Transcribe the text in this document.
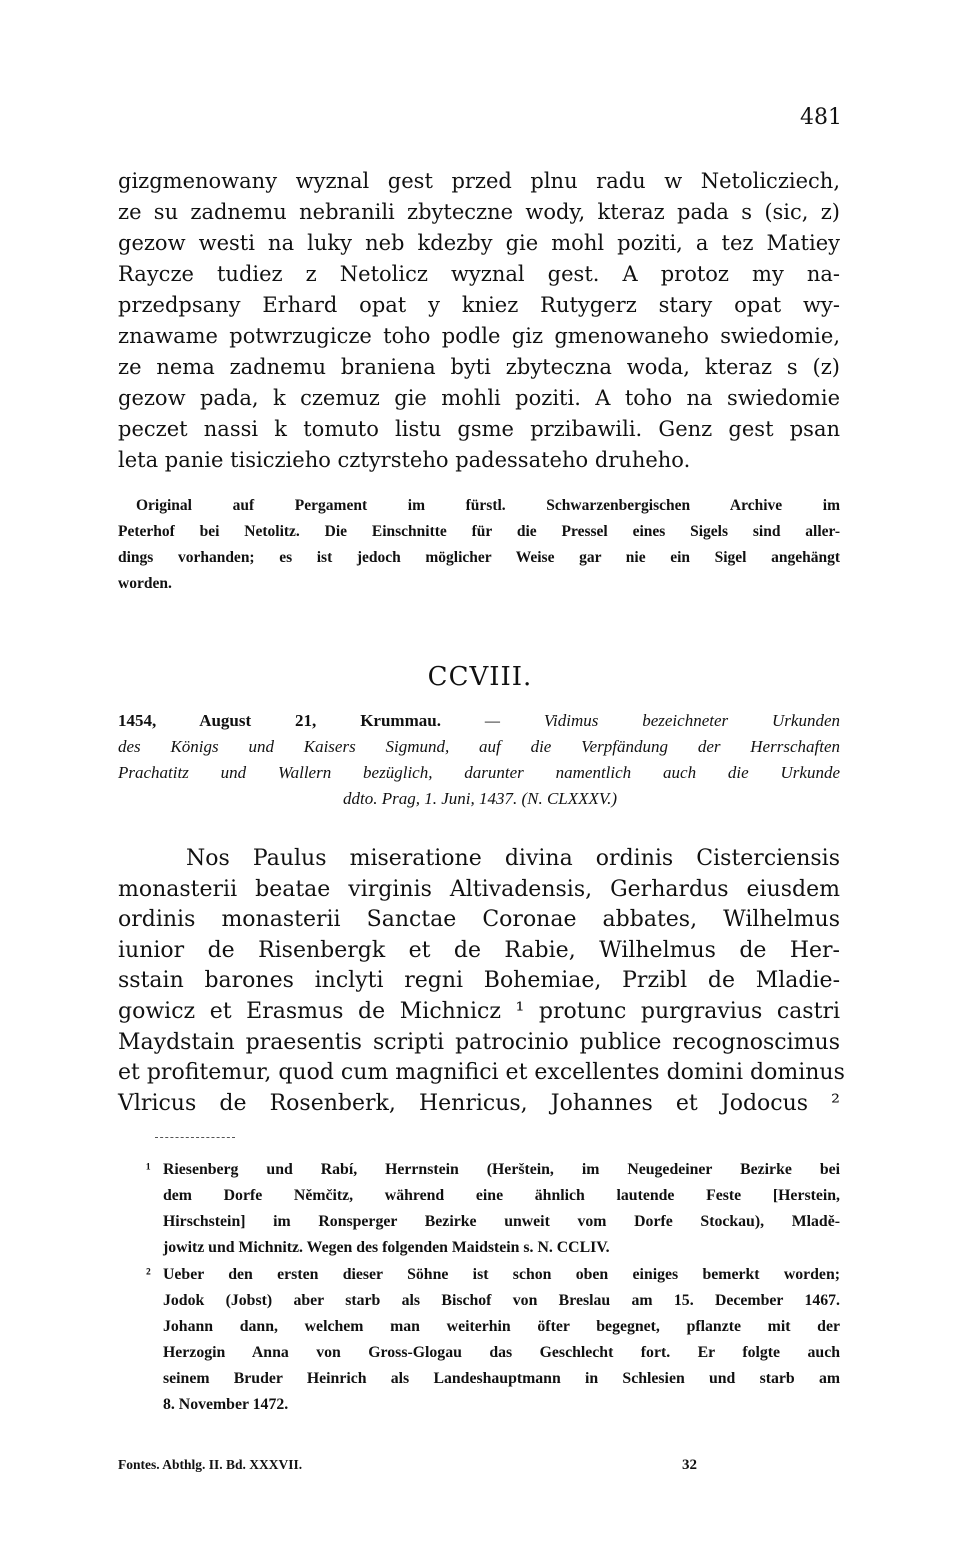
481

gizgmenowany wyznal gest przed plnu radu w Netolicziech,

ze su zadnemu nebranili zbyteczne wody, kteraz pada s (sic, z)

gezow westi na luky neb kdezby gie mohl poziti, a tez Matiey

Raycze tudiez z Netolicz wyznal gest. A protoz my na-

przedpsany Erhard opat y kniez Rutygerz stary opat wy-

znawame potwrzugicze toho podle giz gmenowaneho swiedomie,

ze nema zadnemu braniena byti zbyteczna woda, kteraz s (z)

gezow pada, k czemuz gie mohli poziti. A toho na swiedomie

peczet nassi k tomuto listu gsme przibawili. Genz gest psan

leta panie tisiczieho cztyrsteho padessateho druheho.

Original auf Pergament im fürstl. Schwarzenbergischen Archive im

Peterhof bei Netolitz. Die Einschnitte für die Pressel eines Sigels sind aller-

dings vorhanden; es ist jedoch möglicher Weise gar nie ein Sigel angehängt

worden.

CCVIII.

1454, August 21, Krummau. — Vidimus bezeichneter Urkunden

des Königs und Kaisers Sigmund, auf die Verpfändung der Herrschaften

Prachatitz und Wallern bezüglich, darunter namentlich auch die Urkunde

ddto. Prag, 1. Juni, 1437. (N. CLXXXV.)

Nos Paulus miseratione divina ordinis Cisterciensis

monasterii beatae virginis Altivadensis, Gerhardus eiusdem

ordinis monasterii Sanctae Coronae abbates, Wilhelmus

iunior de Risenbergk et de Rabie, Wilhelmus de Her-

sstain barones inclyti regni Bohemiae, Przibl de Mladie-

gowicz et Erasmus de Michnicz ¹ protunc purgravius castri

Maydstain praesentis scripti patrocinio publice recognoscimus

et profitemur, quod cum magnifici et excellentes domini dominus

Vlricus de Rosenberk, Henricus, Johannes et Jodocus ²

¹ Riesenberg und Rabí, Herrnstein (Herštein, im Neugedeiner Bezirke bei

dem Dorfe Němčitz, während eine ähnlich lautende Feste [Herstein,

Hirschstein] im Ronsperger Bezirke unweit vom Dorfe Stockau), Mladě-

jowitz und Michnitz. Wegen des folgenden Maidstein s. N. CCLIV.

² Ueber den ersten dieser Söhne ist schon oben einiges bemerkt worden;

Jodok (Jobst) aber starb als Bischof von Breslau am 15. December 1467.

Johann dann, welchem man weiterhin öfter begegnet, pflanzte mit der

Herzogin Anna von Gross-Glogau das Geschlecht fort. Er folgte auch

seinem Bruder Heinrich als Landeshauptmann in Schlesien und starb am

8. November 1472.

Fontes. Abthlg. II. Bd. XXXVII.	32
